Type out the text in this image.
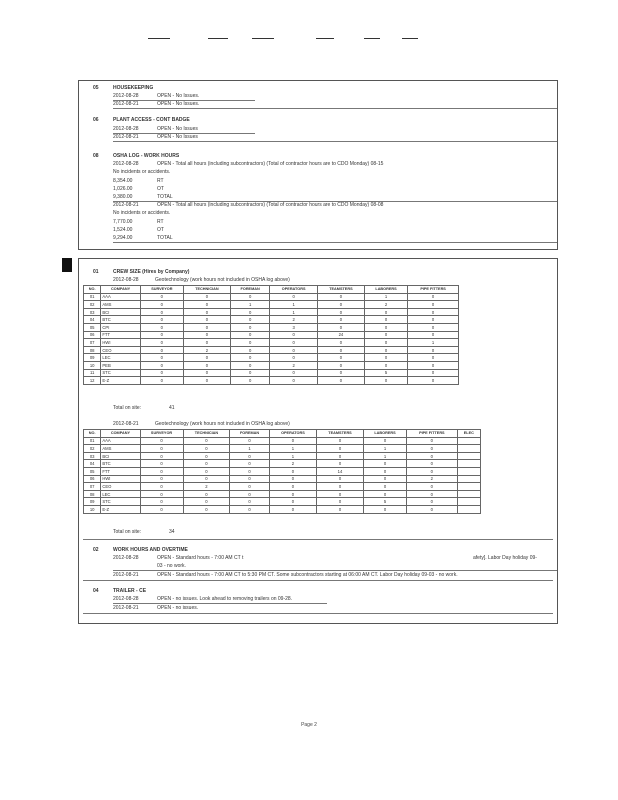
05	HOUSEKEEPING
2012-08-28	OPEN - No Issues.
2012-08-21	OPEN - No Issues.
06	PLANT ACCESS - CONT BADGE
2012-08-28	OPEN - No Issues
2012-08-21	OPEN - No Issues
08	OSHA LOG - WORK HOURS
2012-08-28	OPEN - Total all hours (including subcontractors) (Total of contractor hours are to CDO Monday) 08-15
No incidents or accidents.
8,354.00	RT
1,026.00	OT
9,380.00	TOTAL
2012-08-21	OPEN - Total all hours (including subcontractors) (Total of contractor hours are to CDO Monday) 08-08
No incidents or accidents.
7,770.00	RT
1,524.00	OT
9,294.00	TOTAL
01	CREW SIZE (Hires by Company)
2012-08-28	Geotechnology (work hours not included in OSHA log above)
NO.	COMPANY	SURVEYOR	TECHNICIAN	FOREMAN	OPERATORS	TEAMSTERS	LABORERS	PIPE FITTERS
01	AAA	0	0	0	0	0	1	0
02	AMS	0	0	1	1	0	2	0
03	BCI	0	0	0	1	0	0	0
04	BTC	0	0	0	2	0	0	0
05	CPI	0	0	0	3	0	0	0
06	FTT	0	0	0	0	24	0	0
07	HWI	0	0	0	0	0	0	1
08	CEO	0	2	0	0	0	0	0
09	LEC	0	0	0	0	0	0	0
10	PEB	0	0	0	2	0	0	0
11	STC	0	0	0	0	0	5	0
12	E-Z	0	0	0	0	0	0	0
Total on site:	41
2012-08-21	Geotechnology (work hours not included in OSHA log above)
NO.	COMPANY	SURVEYOR	TECHNICIAN	FOREMAN	OPERATORS	TEAMSTERS	LABORERS	PIPE FITTERS	ELEC
01	AAA	0	0	0	0	0	0	0	
02	AMS	0	0	1	1	0	1	0	
03	BCI	0	0	0	1	0	1	0	
04	BTC	0	0	0	2	0	0	0	
05	FTT	0	0	0	0	14	0	0	
06	HWI	0	0	0	0	0	0	2	
07	CEO	0	2	0	0	0	0	0	
08	LEC	0	0	0	0	0	0	0	
09	STC	0	0	0	0	0	5	0	
10	E-Z	0	0	0	0	0	0	0	
Total on site:	34
02	WORK HOURS AND OVERTIME
2012-08-28	OPEN - Standard hours - 7:00 AM CT t	afety]. Labor Day holiday 09-
03 - no work.
2012-08-21	OPEN - Standard hours - 7:00 AM CT to 5:30 PM CT. Some subcontractors starting at 06:00 AM CT. Labor Day holiday 09-03 - no work.
04	TRAILER - CE
2012-08-28	OPEN - no issues. Look ahead to removing trailers on 09-28.
2012-08-21	OPEN - no issues.
Page 2
